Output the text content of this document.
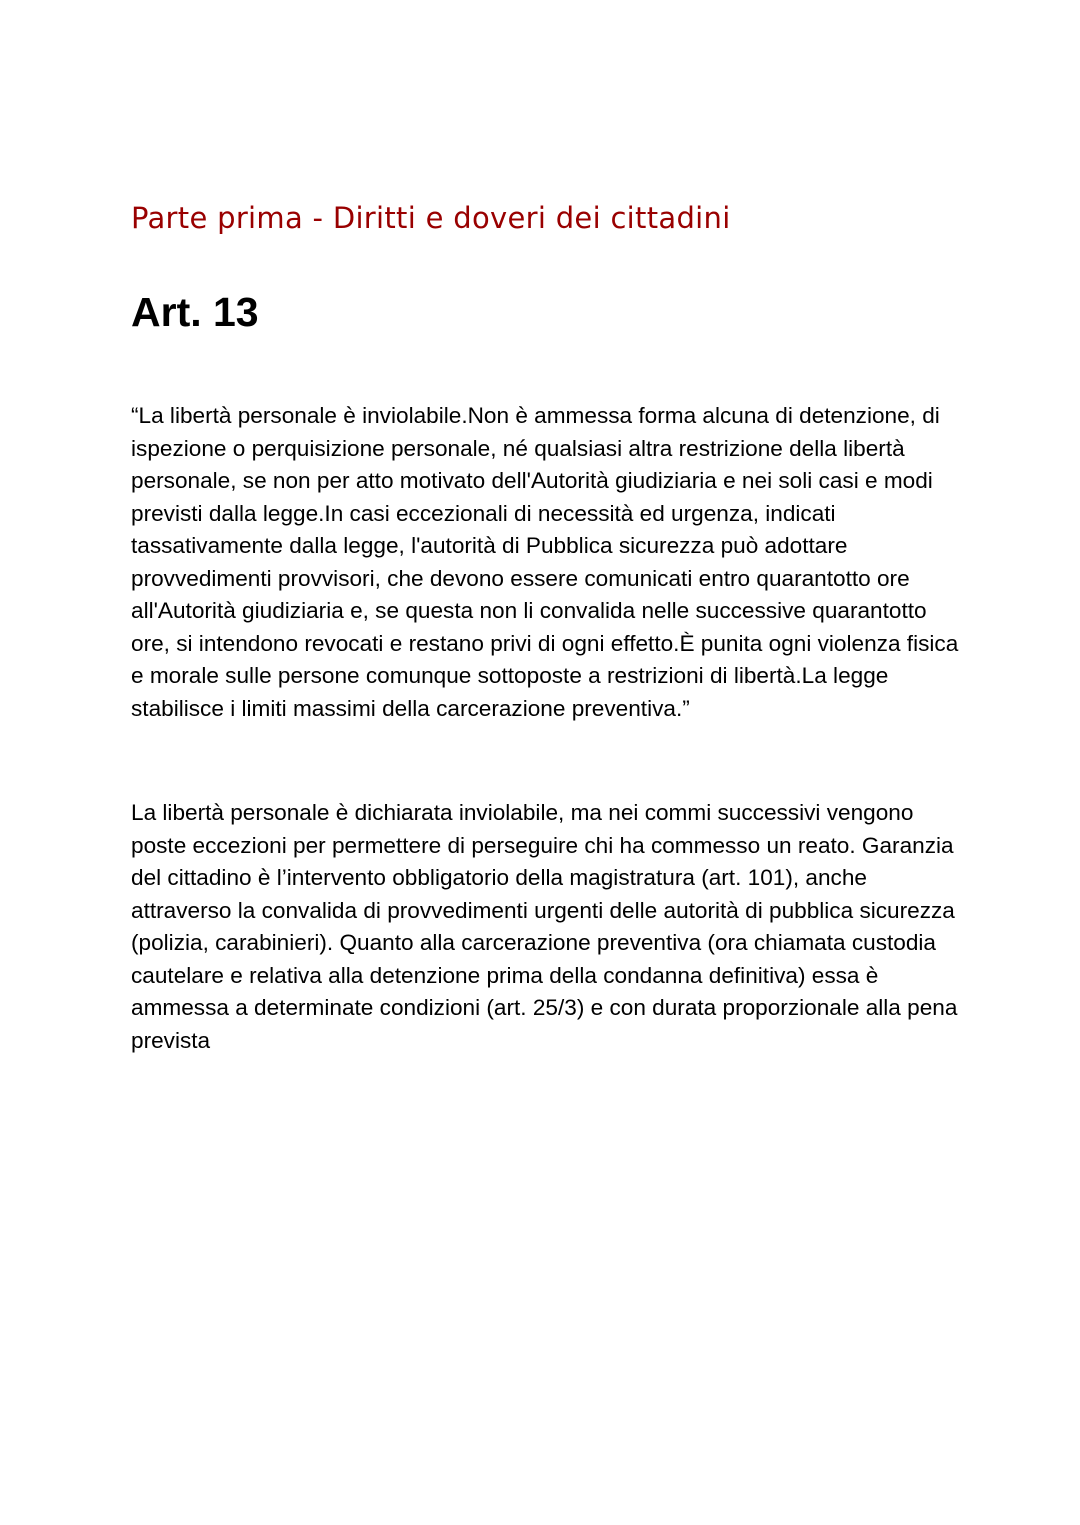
Parte prima - Diritti e doveri dei cittadini
Art. 13

“La libertà personale è inviolabile.Non è ammessa forma alcuna di detenzione, di ispezione o perquisizione personale, né qualsiasi altra restrizione della libertà personale, se non per atto motivato dell'Autorità giudiziaria e nei soli casi e modi previsti dalla legge.In casi eccezionali di necessità ed urgenza, indicati tassativamente dalla legge, l'autorità di Pubblica sicurezza può adottare provvedimenti provvisori, che devono essere comunicati entro quarantotto ore all'Autorità giudiziaria e, se questa non li convalida nelle successive quarantotto ore, si intendono revocati e restano privi di ogni effetto.È punita ogni violenza fisica e morale sulle persone comunque sottoposte a restrizioni di libertà.La legge stabilisce i limiti massimi della carcerazione preventiva.”

La libertà personale è dichiarata inviolabile, ma nei commi successivi vengono poste eccezioni per permettere di perseguire chi ha commesso un reato. Garanzia del cittadino è l’intervento obbligatorio della magistratura (art. 101), anche attraverso la convalida di provvedimenti urgenti delle autorità di pubblica sicurezza (polizia, carabinieri). Quanto alla carcerazione preventiva (ora chiamata custodia cautelare e relativa alla detenzione prima della condanna definitiva) essa è ammessa a determinate condizioni (art. 25/3) e con durata proporzionale alla pena prevista
